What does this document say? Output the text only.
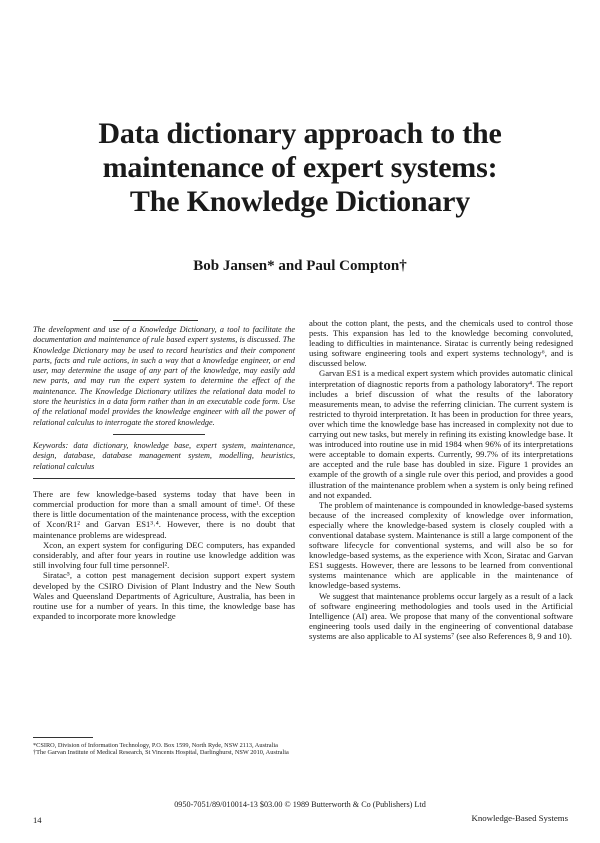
Data dictionary approach to the
maintenance of expert systems:
The Knowledge Dictionary

Bob Jansen* and Paul Compton†

The development and use of a Knowledge Dictionary, a tool to facilitate the documentation and maintenance of rule based expert systems, is discussed. The Knowledge Dictionary may be used to record heuristics and their component parts, facts and rule actions, in such a way that a knowledge engineer, or end user, may determine the usage of any part of the knowledge, may easily add new parts, and may run the expert system to determine the effect of the maintenance. The Knowledge Dictionary utilizes the relational data model to store the heuristics in a data form rather than in an executable code form. Use of the relational model provides the knowledge engineer with all the power of relational calculus to interrogate the stored knowledge.

Keywords: data dictionary, knowledge base, expert system, maintenance, design, database, database management system, modelling, heuristics, relational calculus

There are few knowledge-based systems today that have been in commercial production for more than a small amount of time¹. Of these there is little documentation of the maintenance process, with the exception of Xcon/R1² and Garvan ES1³˒⁴. However, there is no doubt that maintenance problems are widespread.

Xcon, an expert system for configuring DEC computers, has expanded considerably, and after four years in routine use knowledge addition was still involving four full time personnel².

Siratac⁵, a cotton pest management decision support expert system developed by the CSIRO Division of Plant Industry and the New South Wales and Queensland Departments of Agriculture, Australia, has been in routine use for a number of years. In this time, the knowledge base has expanded to incorporate more knowledge

about the cotton plant, the pests, and the chemicals used to control those pests. This expansion has led to the knowledge becoming convoluted, leading to difficulties in maintenance. Siratac is currently being redesigned using software engineering tools and expert systems technology⁶, and is discussed below.

Garvan ES1 is a medical expert system which provides automatic clinical interpretation of diagnostic reports from a pathology laboratory⁴. The report includes a brief discussion of what the results of the laboratory measurements mean, to advise the referring clinician. The current system is restricted to thyroid interpretation. It has been in production for three years, over which time the knowledge base has increased in complexity not due to carrying out new tasks, but merely in refining its existing knowledge base. It was introduced into routine use in mid 1984 when 96% of its interpretations were acceptable to domain experts. Currently, 99.7% of its interpretations are accepted and the rule base has doubled in size. Figure 1 provides an example of the growth of a single rule over this period, and provides a good illustration of the maintenance problem when a system is only being refined and not expanded.

The problem of maintenance is compounded in knowledge-based systems because of the increased complexity of knowledge over information, especially where the knowledge-based system is closely coupled with a conventional database system. Maintenance is still a large component of the software lifecycle for conventional systems, and will also be so for knowledge-based systems, as the experience with Xcon, Siratac and Garvan ES1 suggests. However, there are lessons to be learned from conventional systems maintenance which are applicable in the maintenance of knowledge-based systems.

We suggest that maintenance problems occur largely as a result of a lack of software engineering methodologies and tools used in the Artificial Intelligence (AI) area. We propose that many of the conventional software engineering tools used daily in the engineering of conventional database systems are also applicable to AI systems⁷ (see also References 8, 9 and 10).

*CSIRO, Division of Information Technology, P.O. Box 1599, North Ryde, NSW 2113, Australia

†The Garvan Institute of Medical Research, St Vincents Hospital, Darlinghurst, NSW 2010, Australia

0950-7051/89/010014-13 $03.00 © 1989 Butterworth & Co (Publishers) Ltd

14	Knowledge-Based Systems
